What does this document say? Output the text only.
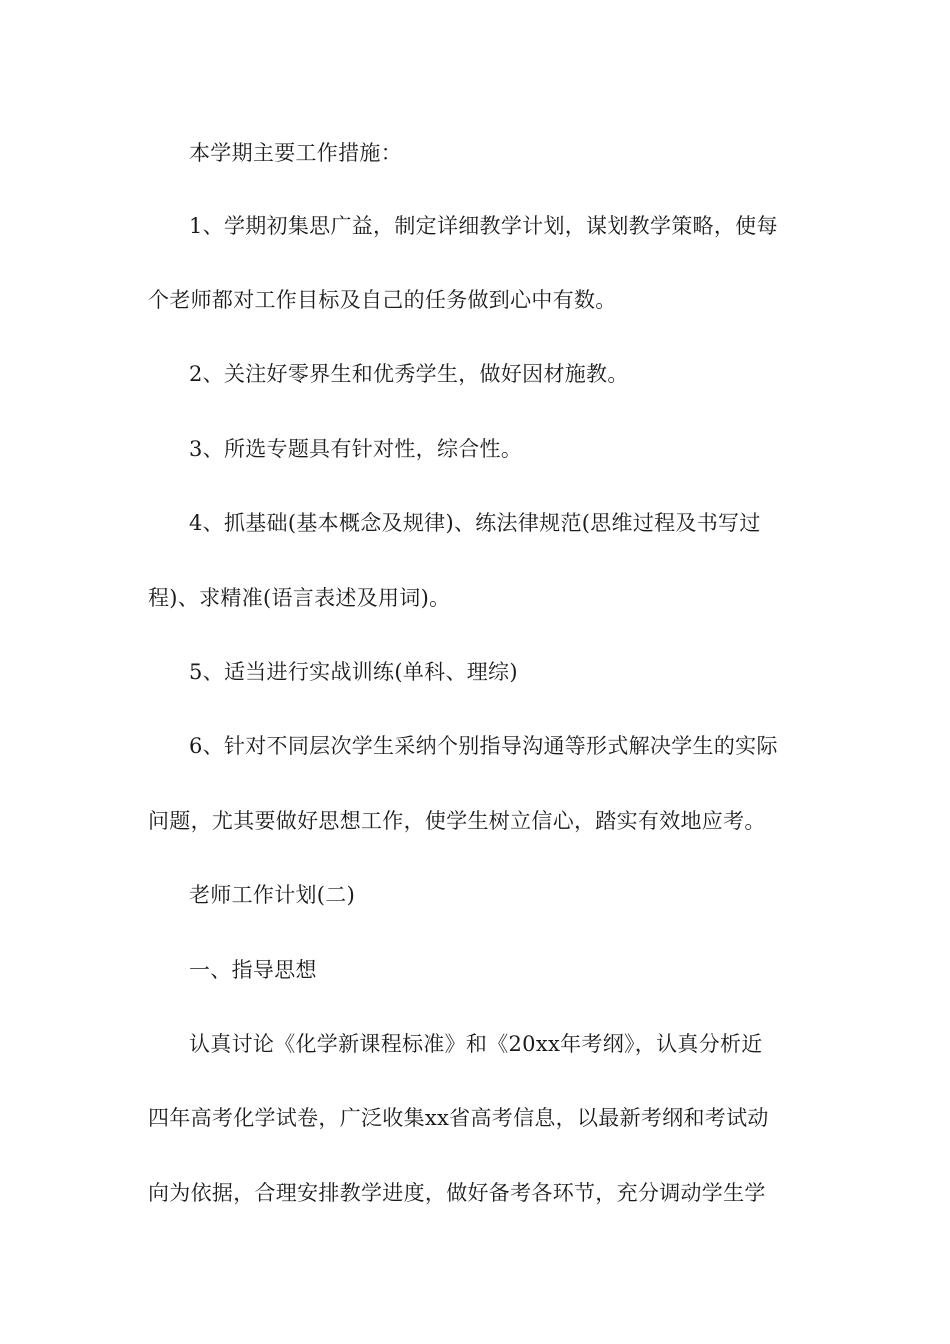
本学期主要工作措施：
1、学期初集思广益，制定详细教学计划，谋划教学策略，使每
个老师都对工作目标及自己的任务做到心中有数。
2、关注好零界生和优秀学生，做好因材施教。
3、所选专题具有针对性，综合性。
4、抓基础(基本概念及规律)、练法律规范(思维过程及书写过
程)、求精准(语言表述及用词)。
5、适当进行实战训练(单科、理综)
6、针对不同层次学生采纳个别指导沟通等形式解决学生的实际
问题，尤其要做好思想工作，使学生树立信心，踏实有效地应考。
老师工作计划(二)
一、指导思想
认真讨论《化学新课程标准》和《20xx年考纲》，认真分析近
四年高考化学试卷，广泛收集xx省高考信息，以最新考纲和考试动
向为依据，合理安排教学进度，做好备考各环节，充分调动学生学
